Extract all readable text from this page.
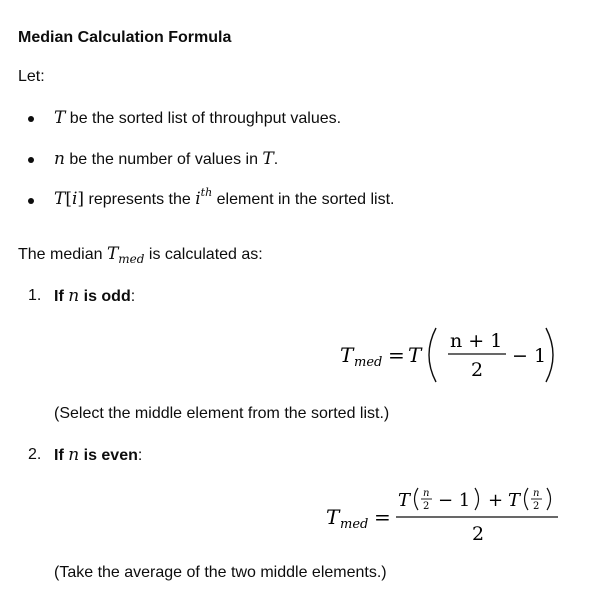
Median Calculation Formula
Let:
T be the sorted list of throughput values.
n be the number of values in T.
T[i] represents the $i^{th}$ element in the sorted list.
The median $T_{med}$ is calculated as:
1. If n is odd:
T med = T
n + 1
2
− 1
(Select the middle element from the sorted list.)
2. If n is even:
T med =
T n
2 − 1 + T n
2
2
(Take the average of the two middle elements.)
